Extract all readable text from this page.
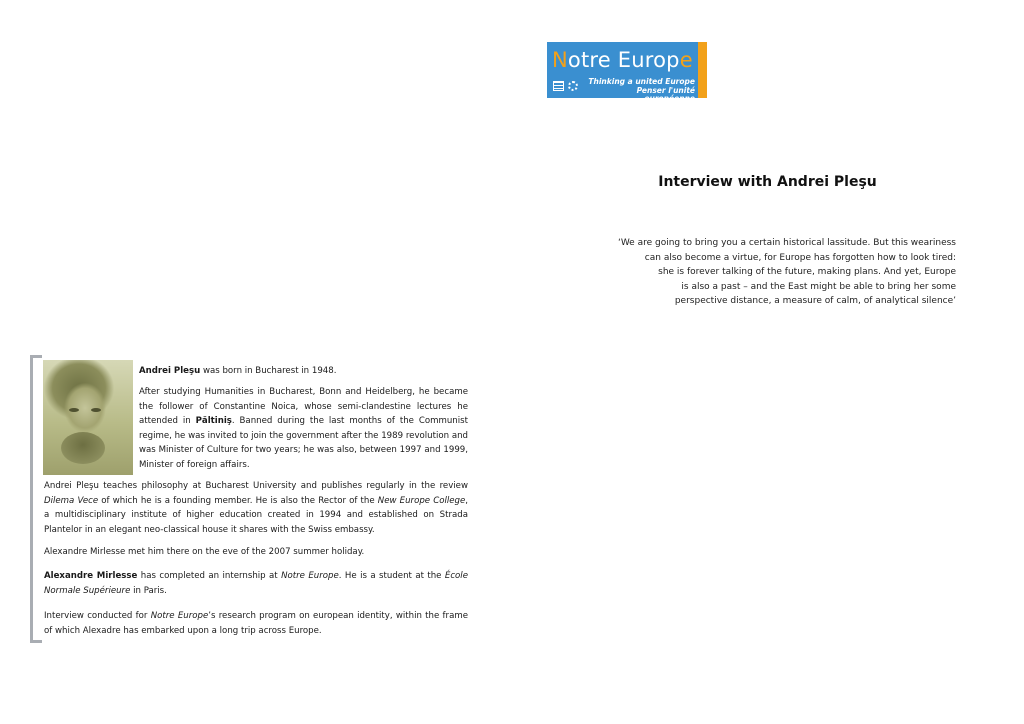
Notre Europe
Thinking a united Europe
Penser l'unité européenne
Interview with Andrei Pleşu

‘We are going to bring you a certain historical lassitude. But this weariness

can also become a virtue, for Europe has forgotten how to look tired:

she is forever talking of the future, making plans. And yet, Europe

is also a past – and the East might be able to bring her some

perspective distance, a measure of calm, of analytical silence’

Andrei Pleşu was born in Bucharest in 1948.

After studying Humanities in Bucharest, Bonn and Heidelberg, he became the follower of Constantine Noica, whose semi-clandestine lectures he attended in Păltiniş. Banned during the last months of the Communist regime, he was invited to join the government after the 1989 revolution and was Minister of Culture for two years; he was also, between 1997 and 1999, Minister of foreign affairs.

Andrei Pleşu teaches philosophy at Bucharest University and publishes regularly in the review Dilema Vece of which he is a founding member. He is also the Rector of the New Europe College, a multidisciplinary institute of higher education created in 1994 and established on Strada Plantelor in an elegant neo-classical house it shares with the Swiss embassy.

Alexandre Mirlesse met him there on the eve of the 2007 summer holiday.

Alexandre Mirlesse has completed an internship at Notre Europe. He is a student at the École Normale Supérieure in Paris.

Interview conducted for Notre Europe’s research program on european identity, within the frame of which Alexadre has embarked upon a long trip across Europe.
